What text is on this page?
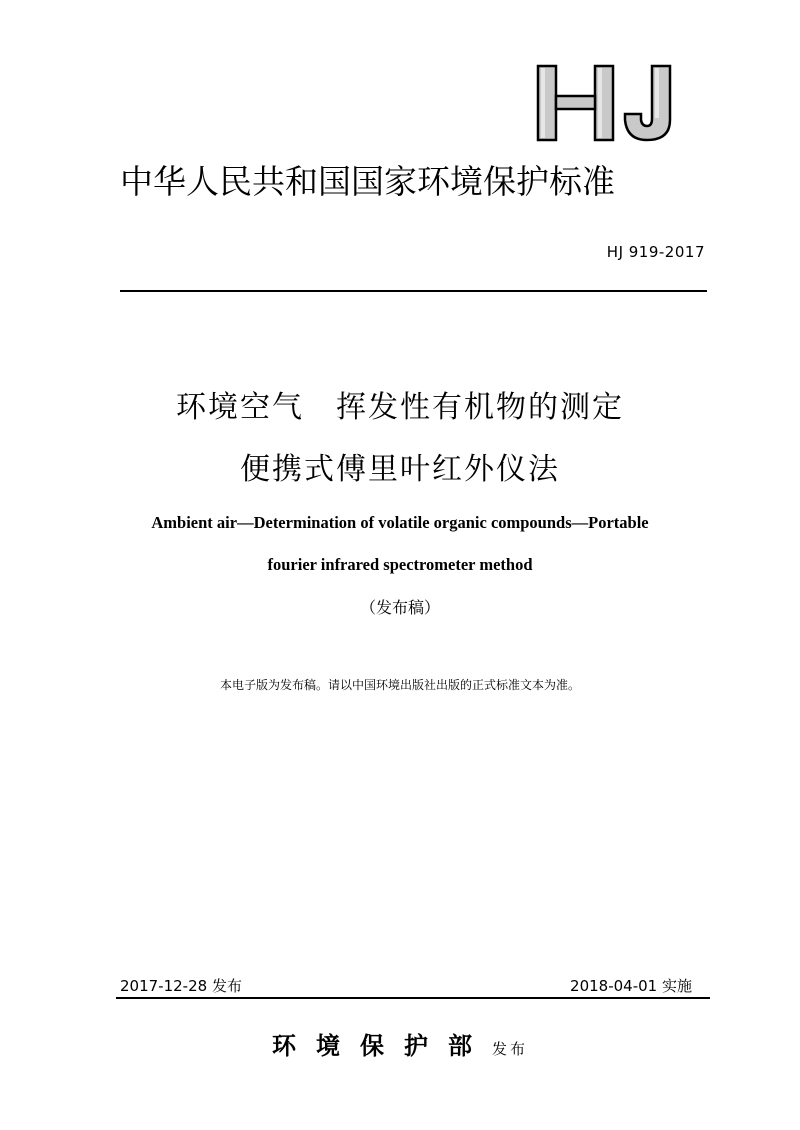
中华人民共和国国家环境保护标准
HJ 919-2017
环境空气　挥发性有机物的测定
便携式傅里叶红外仪法
Ambient air—Determination of volatile organic compounds—Portable
fourier infrared spectrometer method
（发布稿）
本电子版为发布稿。请以中国环境出版社出版的正式标准文本为准。
2017-12-28 发布	2018-04-01 实施
环境保护部发布
